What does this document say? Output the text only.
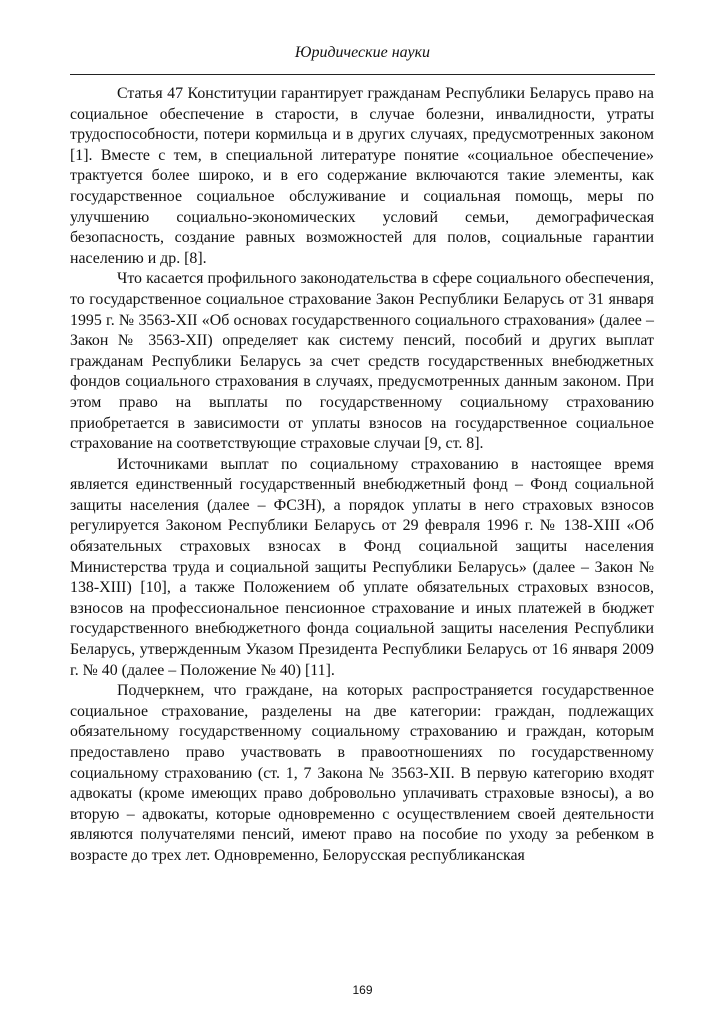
Юридические науки

Статья 47 Конституции гарантирует гражданам Республики Беларусь право на социальное обеспечение в старости, в случае болезни, инвалидности, утраты трудоспособности, потери кормильца и в других случаях, предусмотренных законом [1]. Вместе с тем, в специальной литературе понятие «социальное обеспечение» трактуется более широко, и в его содержание включаются такие элементы, как государственное социальное обслуживание и социальная помощь, меры по улучшению социально-экономических условий семьи, демографическая безопасность, создание равных возможностей для полов, социальные гарантии населению и др. [8].

Что касается профильного законодательства в сфере социального обеспечения, то государственное социальное страхование Закон Республики Беларусь от 31 января 1995 г. № 3563-XII «Об основах государственного социального страхования» (далее – Закон № 3563-XII) определяет как систему пенсий, пособий и других выплат гражданам Республики Беларусь за счет средств государственных внебюджетных фондов социального страхования в случаях, предусмотренных данным законом. При этом право на выплаты по государственному социальному страхованию приобретается в зависимости от уплаты взносов на государственное социальное страхование на соответствующие страховые случаи [9, ст. 8].

Источниками выплат по социальному страхованию в настоящее время является единственный государственный внебюджетный фонд – Фонд социальной защиты населения (далее – ФСЗН), а порядок уплаты в него страховых взносов регулируется Законом Республики Беларусь от 29 февраля 1996 г. № 138-XIII «Об обязательных страховых взносах в Фонд социальной защиты населения Министерства труда и социальной защиты Республики Беларусь» (далее – Закон № 138-XIII) [10], а также Положением об уплате обязательных страховых взносов, взносов на профессиональное пенсионное страхование и иных платежей в бюджет государственного внебюджетного фонда социальной защиты населения Республики Беларусь, утвержденным Указом Президента Республики Беларусь от 16 января 2009 г. № 40 (далее – Положение № 40) [11].

Подчеркнем, что граждане, на которых распространяется государственное социальное страхование, разделены на две категории: граждан, подлежащих обязательному государственному социальному страхованию и граждан, которым предоставлено право участвовать в правоотношениях по государственному социальному страхованию (ст. 1, 7 Закона № 3563-XII. В первую категорию входят адвокаты (кроме имеющих право добровольно уплачивать страховые взносы), а во вторую – адвокаты, которые одновременно с осуществлением своей деятельности являются получателями пенсий, имеют право на пособие по уходу за ребенком в возрасте до трех лет. Одновременно, Белорусская республиканская

169
